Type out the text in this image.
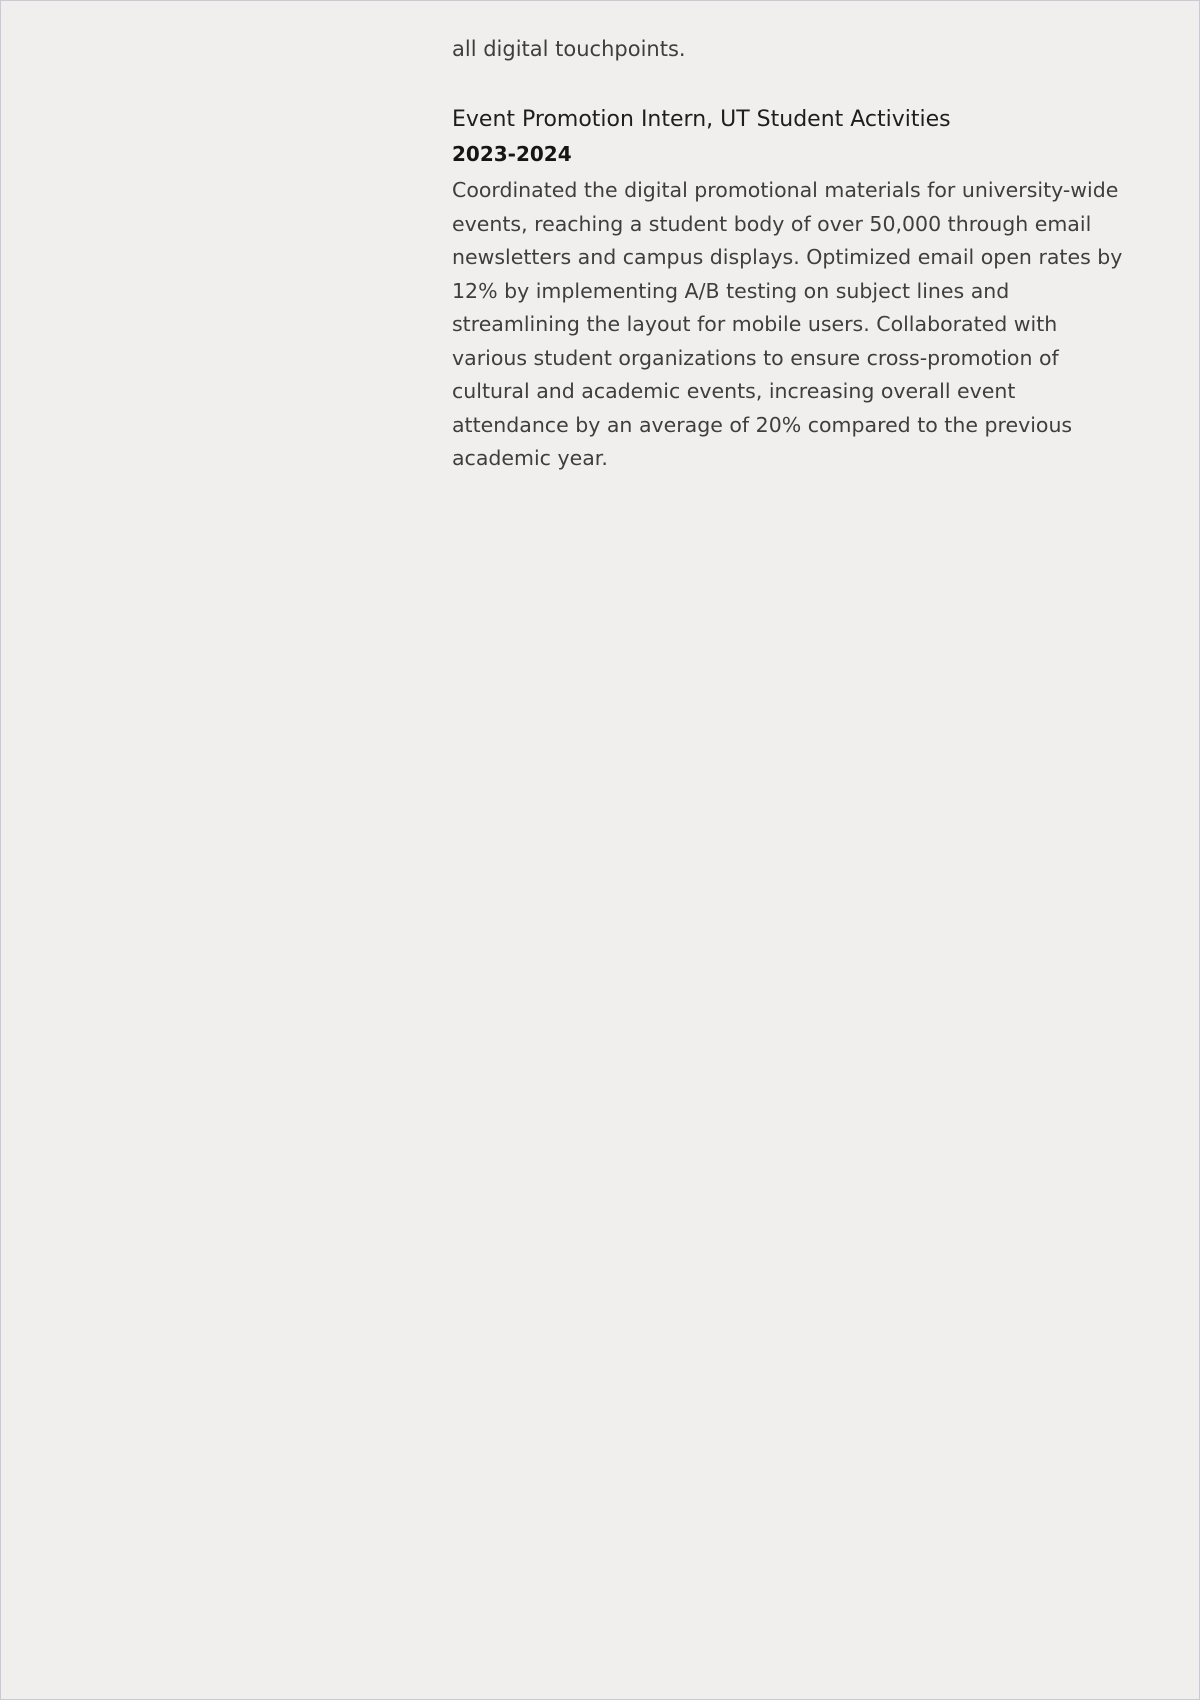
all digital touchpoints.

Event Promotion Intern, UT Student Activities
2023-2024

Coordinated the digital promotional materials for university-wide events, reaching a student body of over 50,000 through email newsletters and campus displays. Optimized email open rates by 12% by implementing A/B testing on subject lines and streamlining the layout for mobile users. Collaborated with various student organizations to ensure cross-promotion of cultural and academic events, increasing overall event attendance by an average of 20% compared to the previous academic year.
